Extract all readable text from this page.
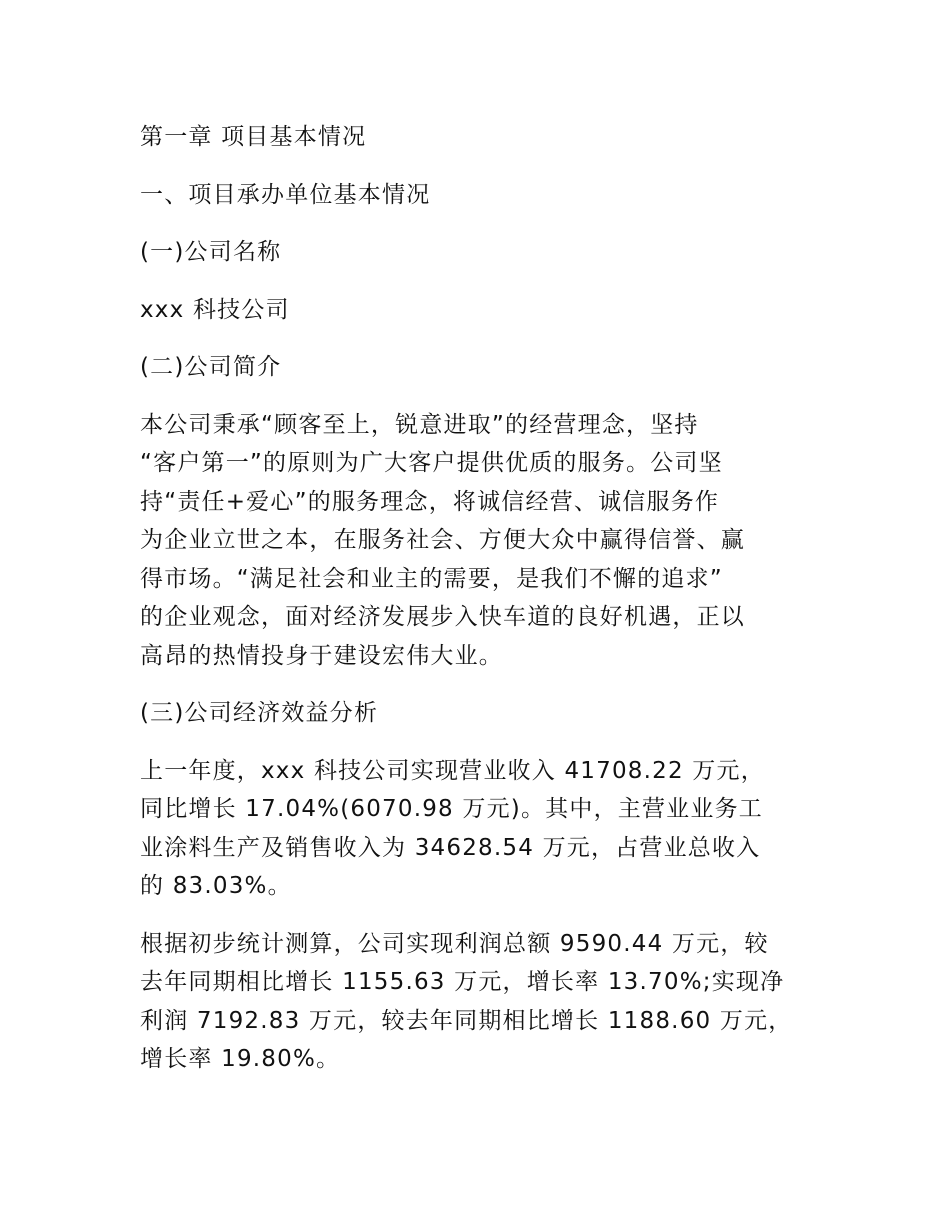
第一章 项目基本情况

一、项目承办单位基本情况

(一)公司名称

xxx 科技公司

(二)公司简介

本公司秉承“顾客至上，锐意进取”的经营理念，坚持

“客户第一”的原则为广大客户提供优质的服务。公司坚

持“责任+爱心”的服务理念，将诚信经营、诚信服务作

为企业立世之本，在服务社会、方便大众中赢得信誉、赢

得市场。“满足社会和业主的需要，是我们不懈的追求”

的企业观念，面对经济发展步入快车道的良好机遇，正以

高昂的热情投身于建设宏伟大业。

(三)公司经济效益分析

上一年度，xxx 科技公司实现营业收入 41708.22 万元，

同比增长 17.04%(6070.98 万元)。其中，主营业业务工

业涂料生产及销售收入为 34628.54 万元，占营业总收入

的 83.03%。

根据初步统计测算，公司实现利润总额 9590.44 万元，较

去年同期相比增长 1155.63 万元，增长率 13.70%;实现净

利润 7192.83 万元，较去年同期相比增长 1188.60 万元，

增长率 19.80%。
